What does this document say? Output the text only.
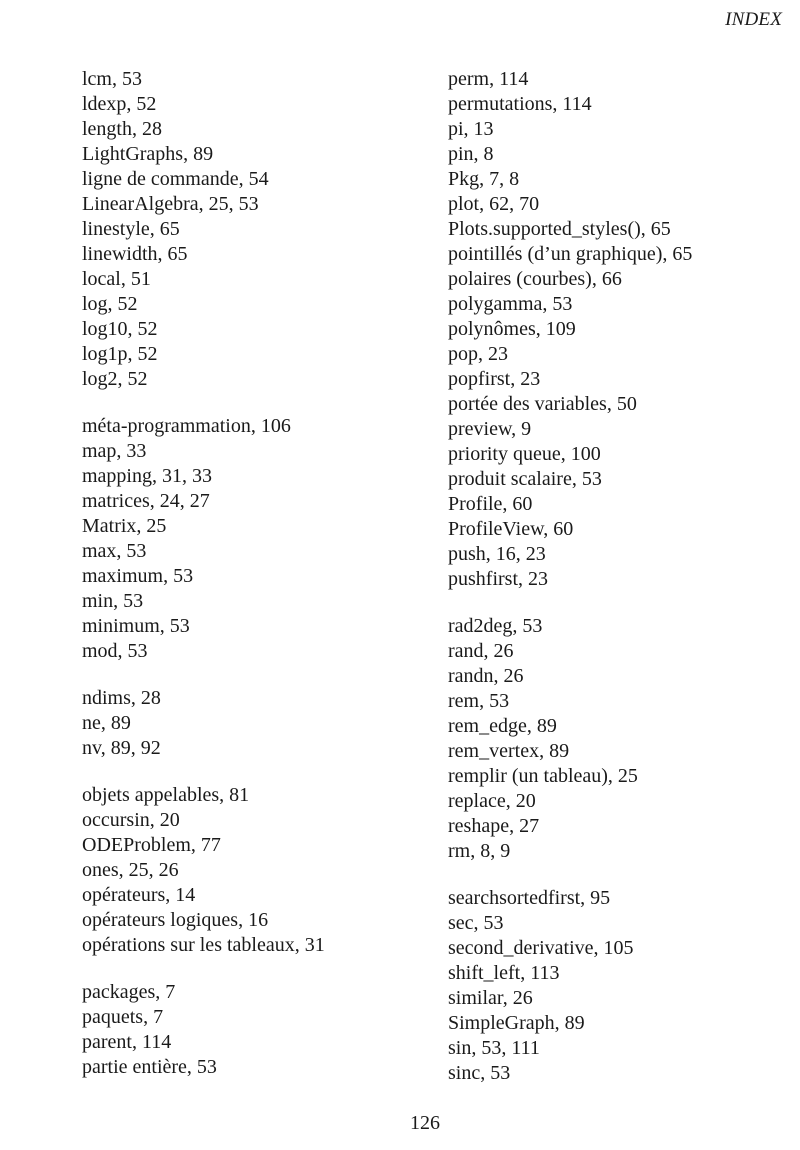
INDEX
lcm, 53
ldexp, 52
length, 28
LightGraphs, 89
ligne de commande, 54
LinearAlgebra, 25, 53
linestyle, 65
linewidth, 65
local, 51
log, 52
log10, 52
log1p, 52
log2, 52
méta-programmation, 106
map, 33
mapping, 31, 33
matrices, 24, 27
Matrix, 25
max, 53
maximum, 53
min, 53
minimum, 53
mod, 53
ndims, 28
ne, 89
nv, 89, 92
objets appelables, 81
occursin, 20
ODEProblem, 77
ones, 25, 26
opérateurs, 14
opérateurs logiques, 16
opérations sur les tableaux, 31
packages, 7
paquets, 7
parent, 114
partie entière, 53
perm, 114
permutations, 114
pi, 13
pin, 8
Pkg, 7, 8
plot, 62, 70
Plots.supported_styles(), 65
pointillés (d’un graphique), 65
polaires (courbes), 66
polygamma, 53
polynômes, 109
pop, 23
popfirst, 23
portée des variables, 50
preview, 9
priority queue, 100
produit scalaire, 53
Profile, 60
ProfileView, 60
push, 16, 23
pushfirst, 23
rad2deg, 53
rand, 26
randn, 26
rem, 53
rem_edge, 89
rem_vertex, 89
remplir (un tableau), 25
replace, 20
reshape, 27
rm, 8, 9
searchsortedfirst, 95
sec, 53
second_derivative, 105
shift_left, 113
similar, 26
SimpleGraph, 89
sin, 53, 111
sinc, 53
126
